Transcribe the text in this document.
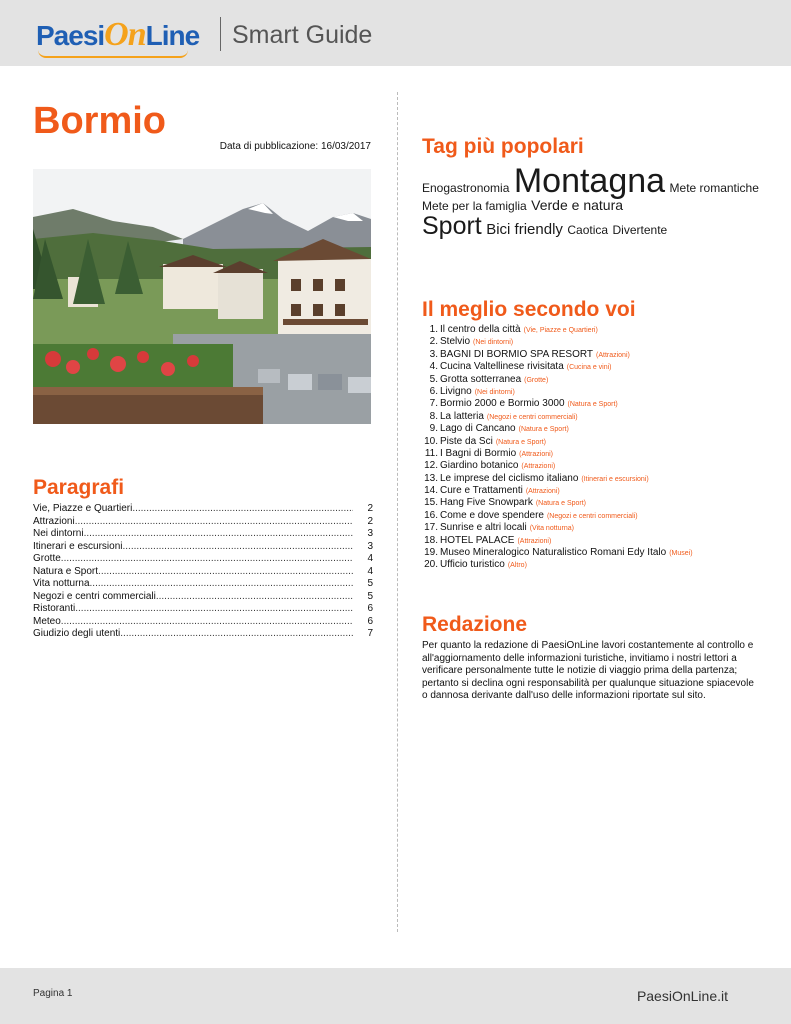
PaesiOnLine Smart Guide
Bormio
Data di pubblicazione: 16/03/2017
Paragrafi
Vie, Piazze e Quartieri .....	2
Attrazioni .....	2
Nei dintorni .....	3
Itinerari e escursioni .....	3
Grotte .....	4
Natura e Sport .....	4
Vita notturna .....	5
Negozi e centri commerciali .....	5
Ristoranti .....	6
Meteo .....	6
Giudizio degli utenti .....	7
Tag più popolari
Enogastronomia Montagna Mete romantiche Mete per la famiglia Verde e natura
Sport Bici friendly Caotica Divertente
Il meglio secondo voi
1. Il centro della città (Vie, Piazze e Quartieri)
2. Stelvio (Nei dintorni)
3. BAGNI DI BORMIO SPA RESORT (Attrazioni)
4. Cucina Valtellinese rivisitata (Cucina e vini)
5. Grotta sotterranea (Grotte)
6. Livigno (Nei dintorni)
7. Bormio 2000 e Bormio 3000 (Natura e Sport)
8. La latteria (Negozi e centri commerciali)
9. Lago di Cancano (Natura e Sport)
10. Piste da Sci (Natura e Sport)
11. I Bagni di Bormio (Attrazioni)
12. Giardino botanico (Attrazioni)
13. Le imprese del ciclismo italiano (Itinerari e escursioni)
14. Cure e Trattamenti (Attrazioni)
15. Hang Five Snowpark (Natura e Sport)
16. Come e dove spendere (Negozi e centri commerciali)
17. Sunrise e altri locali (Vita notturna)
18. HOTEL PALACE (Attrazioni)
19. Museo Mineralogico Naturalistico Romani Edy Italo (Musei)
20. Ufficio turistico (Altro)
Redazione
Per quanto la redazione di PaesiOnLine lavori costantemente al controllo e all'aggiornamento delle informazioni turistiche, invitiamo i nostri lettori a verificare personalmente tutte le notizie di viaggio prima della partenza; pertanto si declina ogni responsabilità per qualunque situazione spiacevole o dannosa derivante dall'uso delle informazioni riportate sul sito.
Pagina 1	PaesiOnLine.it
